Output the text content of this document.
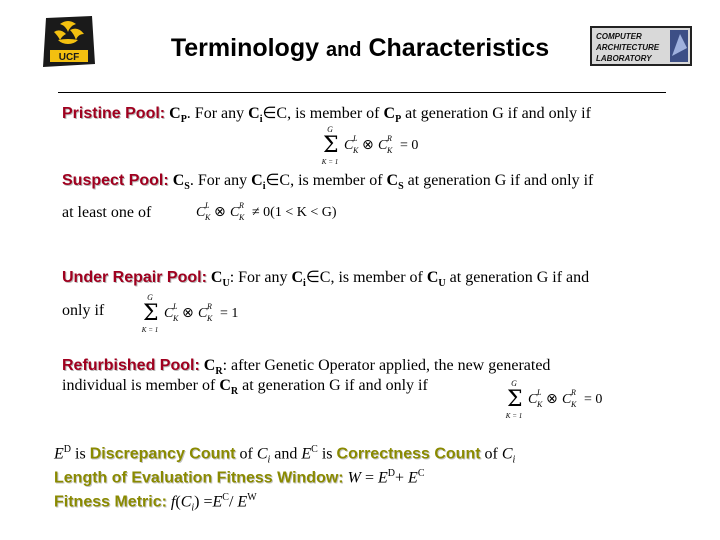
UCF
COMPUTER
ARCHITECTURE
LABORATORY
Terminology and Characteristics
Pristine Pool: $C_P$. For any $C_i\in C$, is member of $C_P$ at generation G if and only if
G
Σ
K = 1
C L
K ⊗ C R
K = 0
Suspect Pool: $C_S$. For any $C_i\in C$, is member of $C_S$ at generation G if and only if
at least one of	C L
K ⊗ C R
K ≠ 0(1 < K < G)
Under Repair Pool: $C_U$: For any $C_i\in C$, is member of $C_U$ at generation G if and
only if
G
Σ
K = 1
C L
K ⊗ C R
K = 1
Refurbished Pool: $C_R$: after Genetic Operator applied, the new generated
individual is member of $C_R$ at generation G if and only if	G
Σ
K = 1
C L
K ⊗ C R
K = 0
$E^D$ is Discrepancy Count of $C_i$ and $E^C$ is Correctness Count of $C_i$
Length of Evaluation Fitness Window: $W = E^D+ E^C$
Fitness Metric: $f(C_i) =E^C/$ $E^W$
